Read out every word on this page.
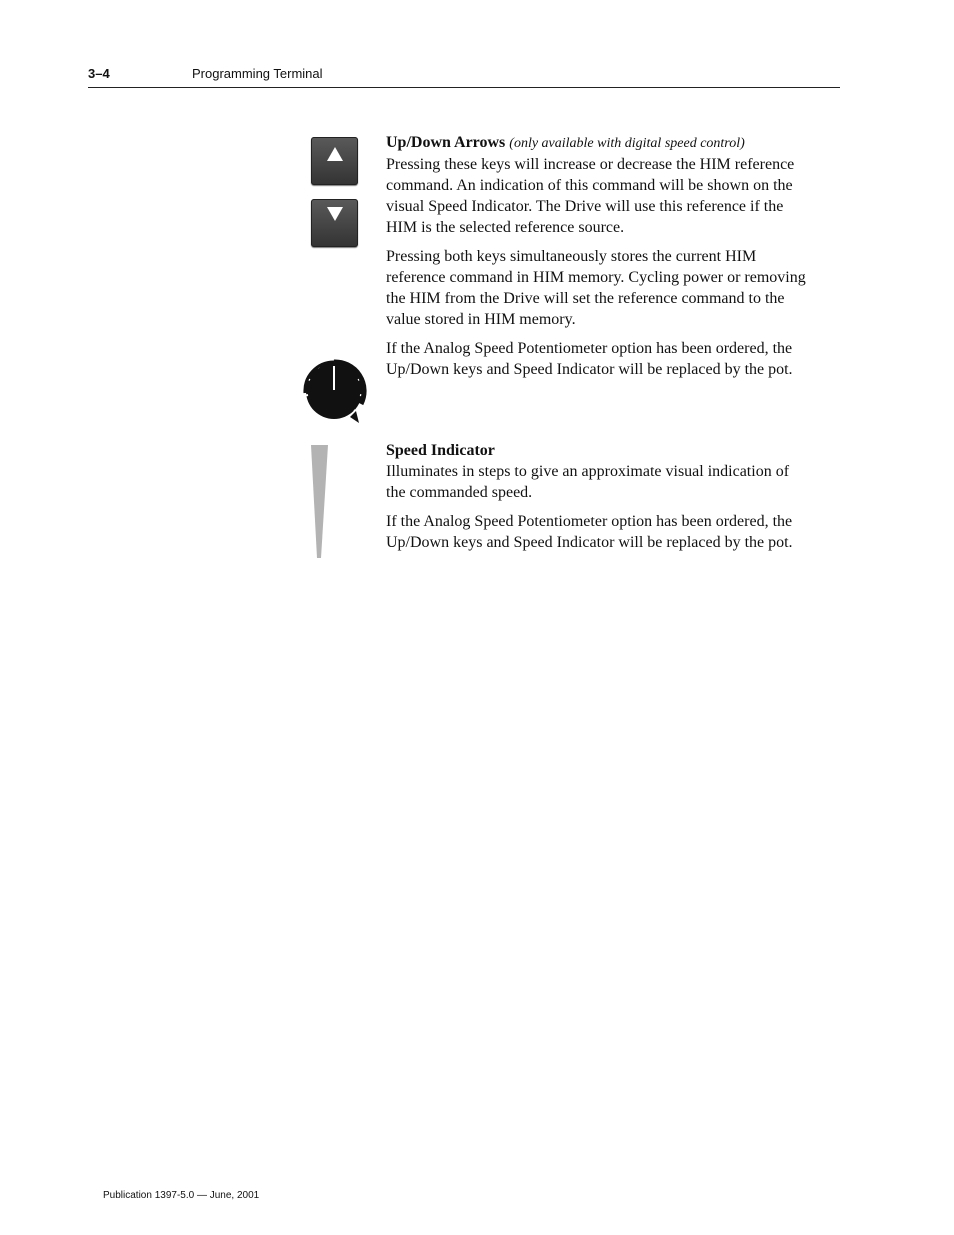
3–4	Programming Terminal

Up/Down Arrows (only available with digital speed control)

Pressing these keys will increase or decrease the HIM reference command. An indication of this command will be shown on the visual Speed Indicator. The Drive will use this reference if the HIM is the selected reference source.

Pressing both keys simultaneously stores the current HIM reference command in HIM memory. Cycling power or removing the HIM from the Drive will set the reference command to the value stored in HIM memory.

If the Analog Speed Potentiometer option has been ordered, the Up/Down keys and Speed Indicator will be replaced by the pot.

Speed Indicator

Illuminates in steps to give an approximate visual indication of the commanded speed.

If the Analog Speed Potentiometer option has been ordered, the Up/Down keys and Speed Indicator will be replaced by the pot.

Publication 1397-5.0 — June, 2001
